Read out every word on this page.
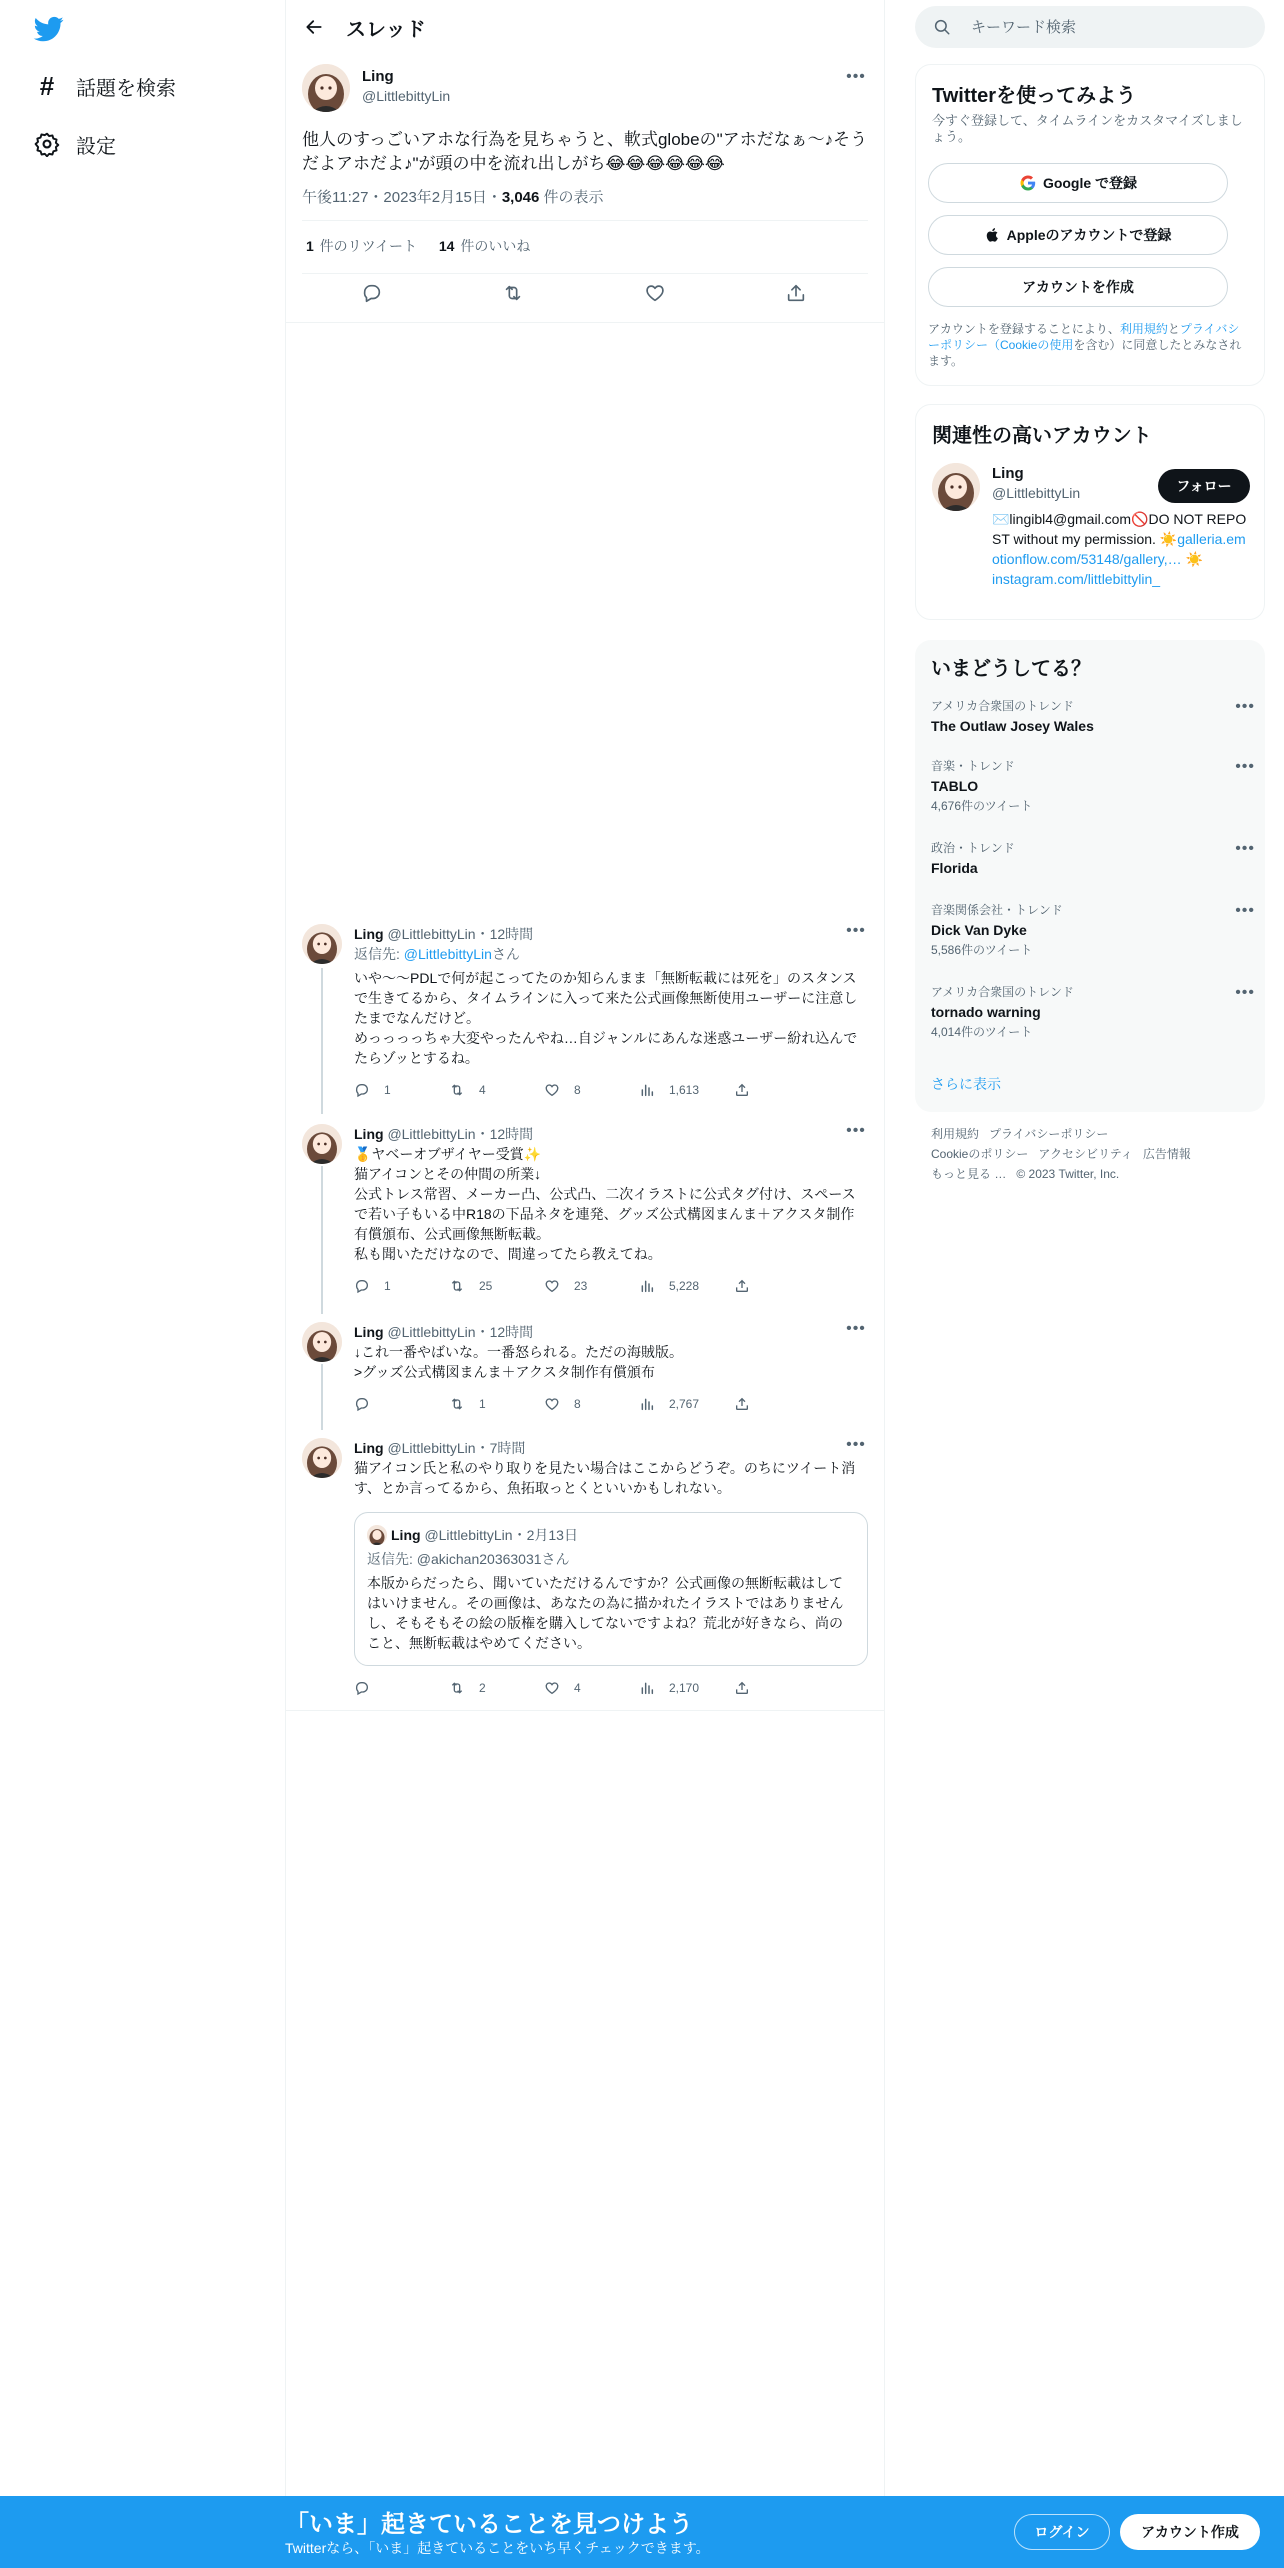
# 話題を検索
設定
スレッド
Ling
@LittlebittyLin
•••
他人のすっごいアホな行為を見ちゃうと、軟式globeの"アホだなぁ〜♪そうだよアホだよ♪"が頭の中を流れ出しがち😂😂😂😂😂😂
午後11:27・2023年2月15日・3,046 件の表示
1 件のリツイート 14 件のいいね
Ling @LittlebittyLin・12時間	•••
返信先: @LittlebittyLinさん
いや〜〜PDLで何が起こってたのか知らんまま「無断転載には死を」のスタンスで生きてるから、タイムラインに入って来た公式画像無断使用ユーザーに注意したまでなんだけど。
めっっっっちゃ大変やったんやね…自ジャンルにあんな迷惑ユーザー紛れ込んでたらゾッとするね。
1	4	8	1,613
Ling @LittlebittyLin・12時間	•••
🥇ヤベーオブザイヤー受賞✨
猫アイコンとその仲間の所業↓
公式トレス常習、メーカー凸、公式凸、二次イラストに公式タグ付け、スペースで若い子もいる中R18の下品ネタを連発、グッズ公式構図まんま＋アクスタ制作有償頒布、公式画像無断転載。
私も聞いただけなので、間違ってたら教えてね。
1	25	23	5,228
Ling @LittlebittyLin・12時間	•••
↓これ一番やばいな。一番怒られる。ただの海賊版。
>グッズ公式構図まんま＋アクスタ制作有償頒布
1	8	2,767
Ling @LittlebittyLin・7時間	•••
猫アイコン氏と私のやり取りを見たい場合はここからどうぞ。のちにツイート消す、とか言ってるから、魚拓取っとくといいかもしれない。
Ling @LittlebittyLin・2月13日
返信先: @akichan20363031さん
本版からだったら、聞いていただけるんですか？公式画像の無断転載はしてはいけません。その画像は、あなたの為に描かれたイラストではありませんし、そもそもその絵の版権を購入してないですよね？荒北が好きなら、尚のこと、無断転載はやめてください。
2	4	2,170
キーワード検索
Twitterを使ってみよう
今すぐ登録して、タイムラインをカスタマイズしましょう。
Google で登録
Appleのアカウントで登録
アカウントを作成
アカウントを登録することにより、利用規約とプライバシーポリシー（Cookieの使用を含む）に同意したとみなされます。
関連性の高いアカウント
Ling
@LittlebittyLin	フォロー
✉️lingibl4@gmail.com🚫DO NOT REPOST without my permission. ☀️galleria.emotionflow.com/53148/gallery,… ☀️
instagram.com/littlebittylin_
いまどうしてる？
アメリカ合衆国のトレンド
The Outlaw Josey Wales
•••
音楽・トレンド
TABLO
4,676件のツイート
•••
政治・トレンド
Florida
•••
音楽関係会社・トレンド
Dick Van Dyke
5,586件のツイート
•••
アメリカ合衆国のトレンド
tornado warning
4,014件のツイート
•••
さらに表示
利用規約 プライバシーポリシー
Cookieのポリシー アクセシビリティ 広告情報
もっと見る … © 2023 Twitter, Inc.
「いま」起きていることを見つけよう
Twitterなら、「いま」起きていることをいち早くチェックできます。
ログイン	アカウント作成
